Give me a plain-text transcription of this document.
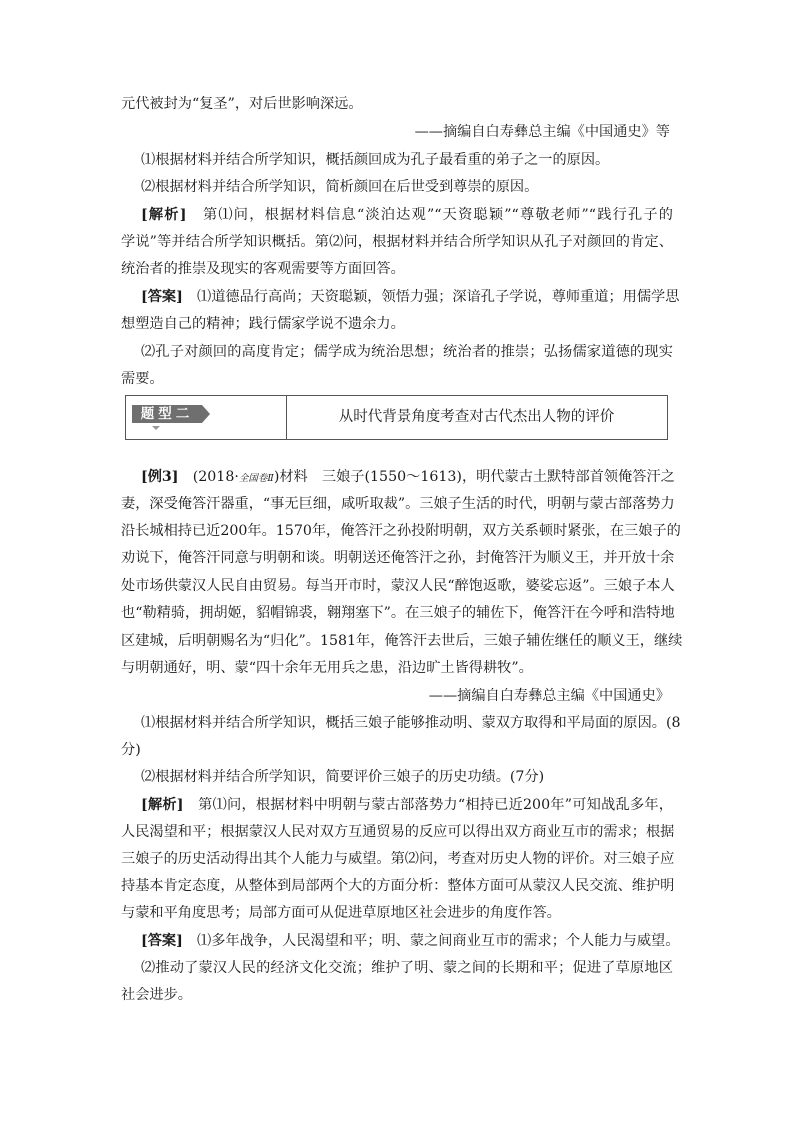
元代被封为“复圣”，对后世影响深远。
——摘编自白寿彝总主编《中国通史》等
⑴根据材料并结合所学知识，概括颜回成为孔子最看重的弟子之一的原因。
⑵根据材料并结合所学知识，简析颜回在后世受到尊崇的原因。
[解析]　第⑴问，根据材料信息“淡泊达观”“天资聪颖”“尊敬老师”“践行孔子的
学说”等并结合所学知识概括。第⑵问，根据材料并结合所学知识从孔子对颜回的肯定、
统治者的推崇及现实的客观需要等方面回答。
[答案]　⑴道德品行高尚；天资聪颖，领悟力强；深谙孔子学说，尊师重道；用儒学思
想塑造自己的精神；践行儒家学说不遗余力。
⑵孔子对颜回的高度肯定；儒学成为统治思想；统治者的推崇；弘扬儒家道德的现实
需要。
题型二	从时代背景角度考查对古代杰出人物的评价
[例3]　 (2018·全国卷Ⅱ)材料　三娘子(1550～1613)，明代蒙古土默特部首领俺答汗之
妻，深受俺答汗器重，“事无巨细，咸听取裁”。三娘子生活的时代，明朝与蒙古部落势力
沿长城相持已近200年。1570年，俺答汗之孙投附明朝，双方关系顿时紧张，在三娘子的
劝说下，俺答汗同意与明朝和谈。明朝送还俺答汗之孙，封俺答汗为顺义王，并开放十余
处市场供蒙汉人民自由贸易。每当开市时，蒙汉人民“醉饱返歌，婆娑忘返”。三娘子本人
也“勒精骑，拥胡姬，貂帽锦裘，翱翔塞下”。在三娘子的辅佐下，俺答汗在今呼和浩特地
区建城，后明朝赐名为“归化”。1581年，俺答汗去世后，三娘子辅佐继任的顺义王，继续
与明朝通好，明、蒙“四十余年无用兵之患，沿边旷土皆得耕牧”。
——摘编自白寿彝总主编《中国通史》
⑴根据材料并结合所学知识，概括三娘子能够推动明、蒙双方取得和平局面的原因。(8
分)
⑵根据材料并结合所学知识，简要评价三娘子的历史功绩。(7分)
[解析]　第⑴问，根据材料中明朝与蒙古部落势力“相持已近200年”可知战乱多年，
人民渴望和平；根据蒙汉人民对双方互通贸易的反应可以得出双方商业互市的需求；根据
三娘子的历史活动得出其个人能力与威望。第⑵问，考查对历史人物的评价。对三娘子应
持基本肯定态度，从整体到局部两个大的方面分析：整体方面可从蒙汉人民交流、维护明
与蒙和平角度思考；局部方面可从促进草原地区社会进步的角度作答。
[答案]　⑴多年战争，人民渴望和平；明、蒙之间商业互市的需求；个人能力与威望。
⑵推动了蒙汉人民的经济文化交流；维护了明、蒙之间的长期和平；促进了草原地区
社会进步。
